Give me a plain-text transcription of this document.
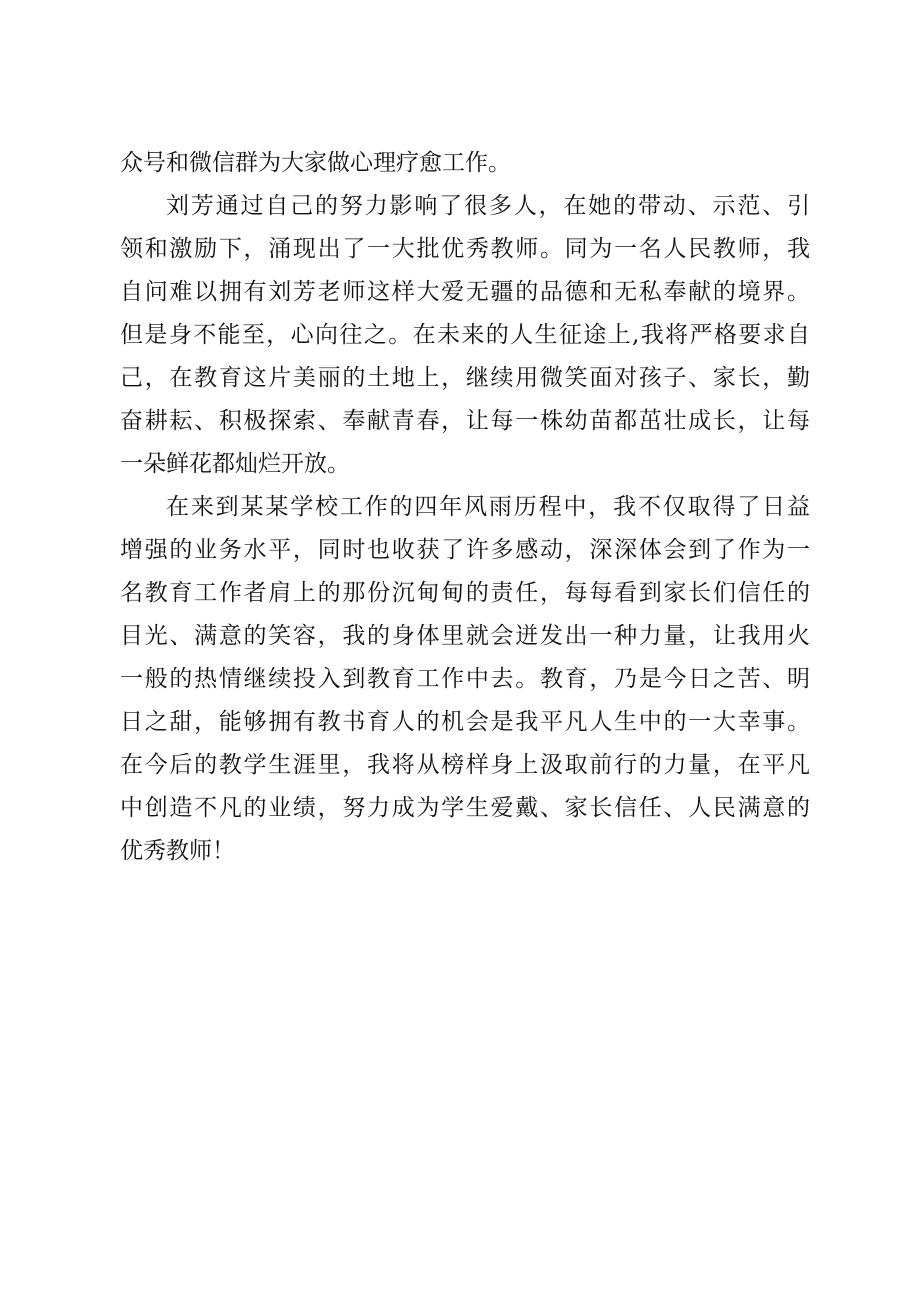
众号和微信群为大家做心理疗愈工作。
刘芳通过自己的努力影响了很多人，在她的带动、示范、引
领和激励下，涌现出了一大批优秀教师。同为一名人民教师，我
自问难以拥有刘芳老师这样大爱无疆的品德和无私奉献的境界。
但是身不能至，心向往之。在未来的人生征途上,我将严格要求自
己，在教育这片美丽的土地上，继续用微笑面对孩子、家长，勤
奋耕耘、积极探索、奉献青春，让每一株幼苗都茁壮成长，让每
一朵鲜花都灿烂开放。
在来到某某学校工作的四年风雨历程中，我不仅取得了日益
增强的业务水平，同时也收获了许多感动，深深体会到了作为一
名教育工作者肩上的那份沉甸甸的责任，每每看到家长们信任的
目光、满意的笑容，我的身体里就会迸发出一种力量，让我用火
一般的热情继续投入到教育工作中去。教育，乃是今日之苦、明
日之甜，能够拥有教书育人的机会是我平凡人生中的一大幸事。
在今后的教学生涯里，我将从榜样身上汲取前行的力量，在平凡
中创造不凡的业绩，努力成为学生爱戴、家长信任、人民满意的
优秀教师！
